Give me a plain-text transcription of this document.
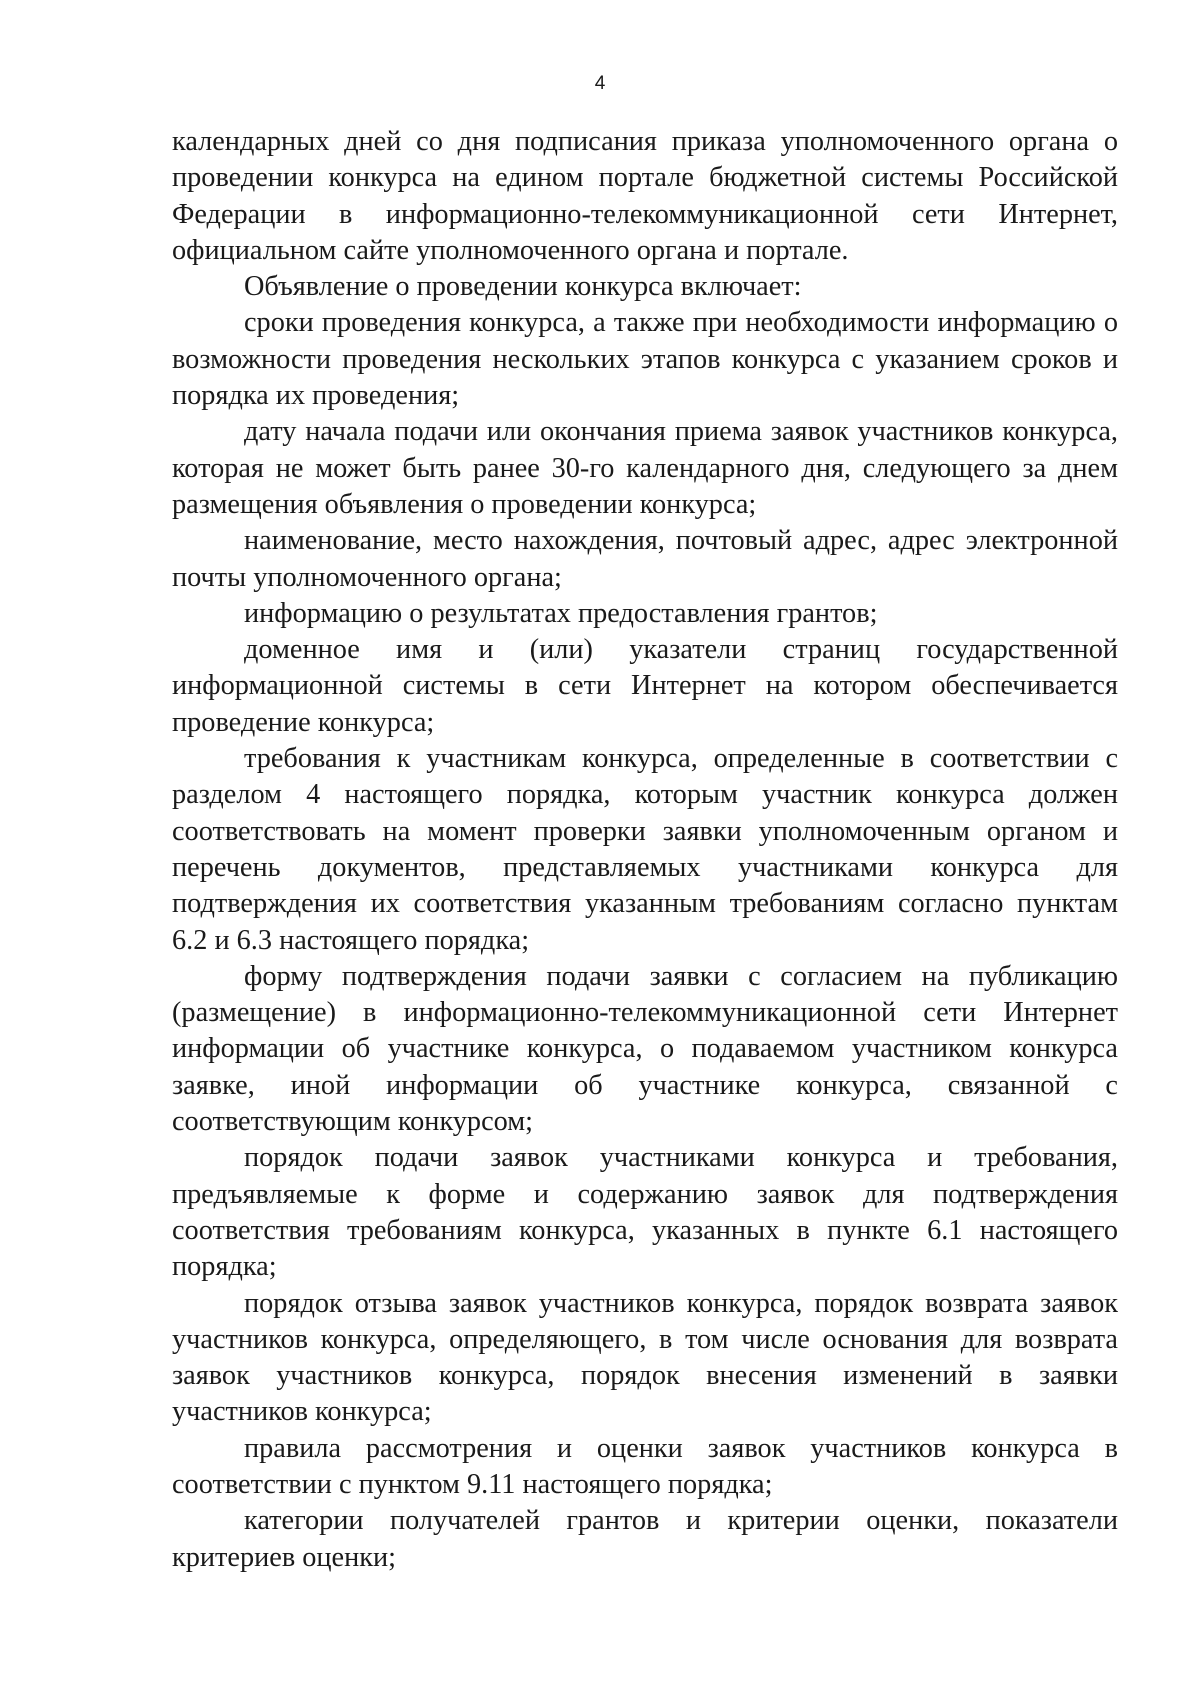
4

календарных дней со дня подписания приказа уполномоченного органа о проведении конкурса на едином портале бюджетной системы Российской Федерации в информационно-телекоммуникационной сети Интернет, официальном сайте уполномоченного органа и портале.

Объявление о проведении конкурса включает:

сроки проведения конкурса, а также при необходимости информацию о возможности проведения нескольких этапов конкурса с указанием сроков и порядка их проведения;

дату начала подачи или окончания приема заявок участников конкурса, которая не может быть ранее 30-го календарного дня, следующего за днем размещения объявления о проведении конкурса;

наименование, место нахождения, почтовый адрес, адрес электронной почты уполномоченного органа;

информацию о результатах предоставления грантов;

доменное имя и (или) указатели страниц государственной информационной системы в сети Интернет на котором обеспечивается проведение конкурса;

требования к участникам конкурса, определенные в соответствии с разделом 4 настоящего порядка, которым участник конкурса должен соответствовать на момент проверки заявки уполномоченным органом и перечень документов, представляемых участниками конкурса для подтверждения их соответствия указанным требованиям согласно пунктам 6.2 и 6.3 настоящего порядка;

форму подтверждения подачи заявки с согласием на публикацию (размещение) в информационно-телекоммуникационной сети Интернет информации об участнике конкурса, о подаваемом участником конкурса заявке, иной информации об участнике конкурса, связанной с соответствующим конкурсом;

порядок подачи заявок участниками конкурса и требования, предъявляемые к форме и содержанию заявок для подтверждения соответствия требованиям конкурса, указанных в пункте 6.1 настоящего порядка;

порядок отзыва заявок участников конкурса, порядок возврата заявок участников конкурса, определяющего, в том числе основания для возврата заявок участников конкурса, порядок внесения изменений в заявки участников конкурса;

правила рассмотрения и оценки заявок участников конкурса в соответствии с пунктом 9.11 настоящего порядка;

категории получателей грантов и критерии оценки, показатели критериев оценки;
